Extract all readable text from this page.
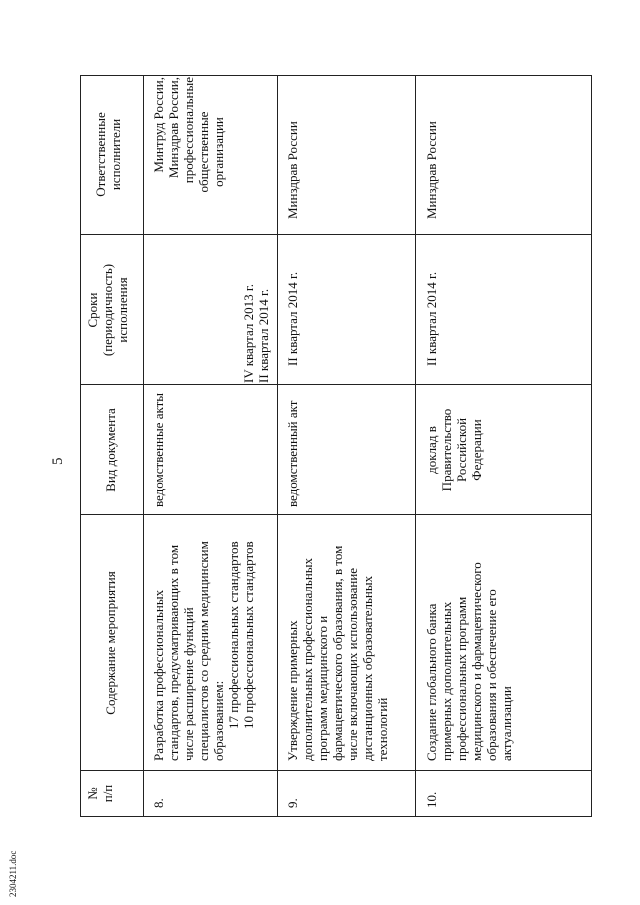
5
2304211.doc
№ п/п
Содержание мероприятия
Вид документа
Сроки (периодичность) исполнения
Ответственные исполнители
8.
Разработка профессиональных стандартов, предусматривающих в том числе расширение функций специалистов со средним медицинским образованием: 17 профессиональных стандартов 10 профессиональных стандартов
ведомственные акты
IV квартал 2013 г. II квартал 2014 г.
Минтруд России, Минздрав России, профессиональные общественные организации
9.
Утверждение примерных дополнительных профессиональных программ медицинского и фармацевтического образования, в том числе включающих использование дистанционных образовательных технологий
ведомственный акт
II квартал 2014 г.
Минздрав России
10.
Создание глобального банка примерных дополнительных профессиональных программ медицинского и фармацевтического образования и обеспечение его актуализации
доклад в Правительство Российской Федерации
II квартал 2014 г.
Минздрав России
